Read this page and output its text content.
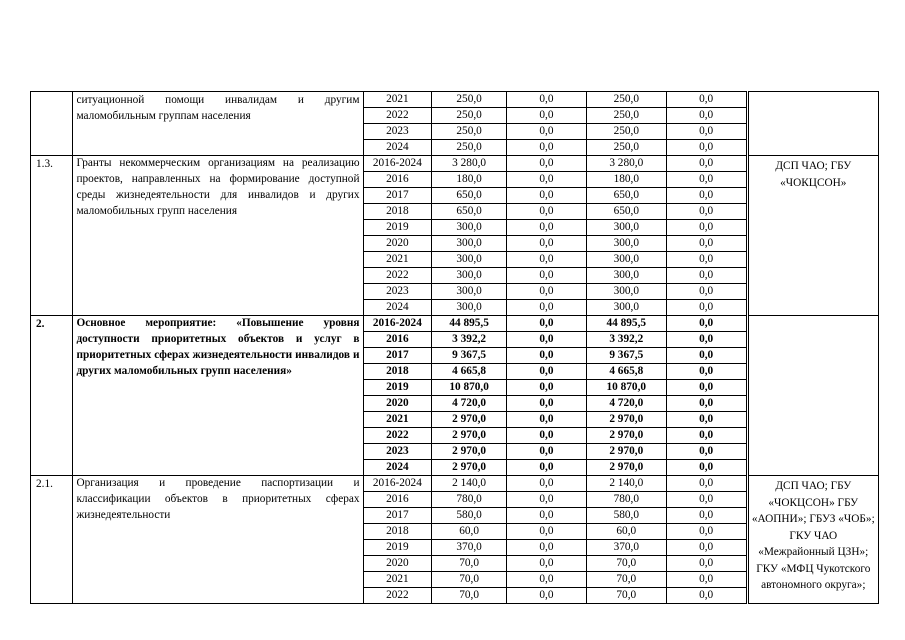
	ситуационной помощи инвалидам и другим маломобильным группам населения	2021	250,0	0,0	250,0	0,0		
		2022	250,0	0,0	250,0	0,0		
		2023	250,0	0,0	250,0	0,0		
		2024	250,0	0,0	250,0	0,0		
1.3.	Гранты некоммерческим организациям на реализацию проектов, направленных на формирование доступной среды жизнедеятельности для инвалидов и других маломобильных групп населения	2016-2024	3 280,0	0,0	3 280,0	0,0		ДСП ЧАО; ГБУ «ЧОКЦСОН»
		2016	180,0	0,0	180,0	0,0		
		2017	650,0	0,0	650,0	0,0		
		2018	650,0	0,0	650,0	0,0		
		2019	300,0	0,0	300,0	0,0		
		2020	300,0	0,0	300,0	0,0		
		2021	300,0	0,0	300,0	0,0		
		2022	300,0	0,0	300,0	0,0		
		2023	300,0	0,0	300,0	0,0		
		2024	300,0	0,0	300,0	0,0		
2.	Основное мероприятие: «Повышение уровня доступности приоритетных объектов и услуг в приоритетных сферах жизнедеятельности инвалидов и других маломобильных групп населения»	2016-2024	44 895,5	0,0	44 895,5	0,0		
		2016	3 392,2	0,0	3 392,2	0,0		
		2017	9 367,5	0,0	9 367,5	0,0		
		2018	4 665,8	0,0	4 665,8	0,0		
		2019	10 870,0	0,0	10 870,0	0,0		
		2020	4 720,0	0,0	4 720,0	0,0		
		2021	2 970,0	0,0	2 970,0	0,0		
		2022	2 970,0	0,0	2 970,0	0,0		
		2023	2 970,0	0,0	2 970,0	0,0		
		2024	2 970,0	0,0	2 970,0	0,0		
2.1.	Организация и проведение паспортизации и классификации объектов в приоритетных сферах жизнедеятельности	2016-2024	2 140,0	0,0	2 140,0	0,0		ДСП ЧАО; ГБУ «ЧОКЦСОН» ГБУ «АОПНИ»; ГБУЗ «ЧОБ»; ГКУ ЧАО «Межрайонный ЦЗН»; ГКУ «МФЦ Чукотского автономного округа»;
		2016	780,0	0,0	780,0	0,0		
		2017	580,0	0,0	580,0	0,0		
		2018	60,0	0,0	60,0	0,0		
		2019	370,0	0,0	370,0	0,0		
		2020	70,0	0,0	70,0	0,0		
		2021	70,0	0,0	70,0	0,0		
		2022	70,0	0,0	70,0	0,0		
